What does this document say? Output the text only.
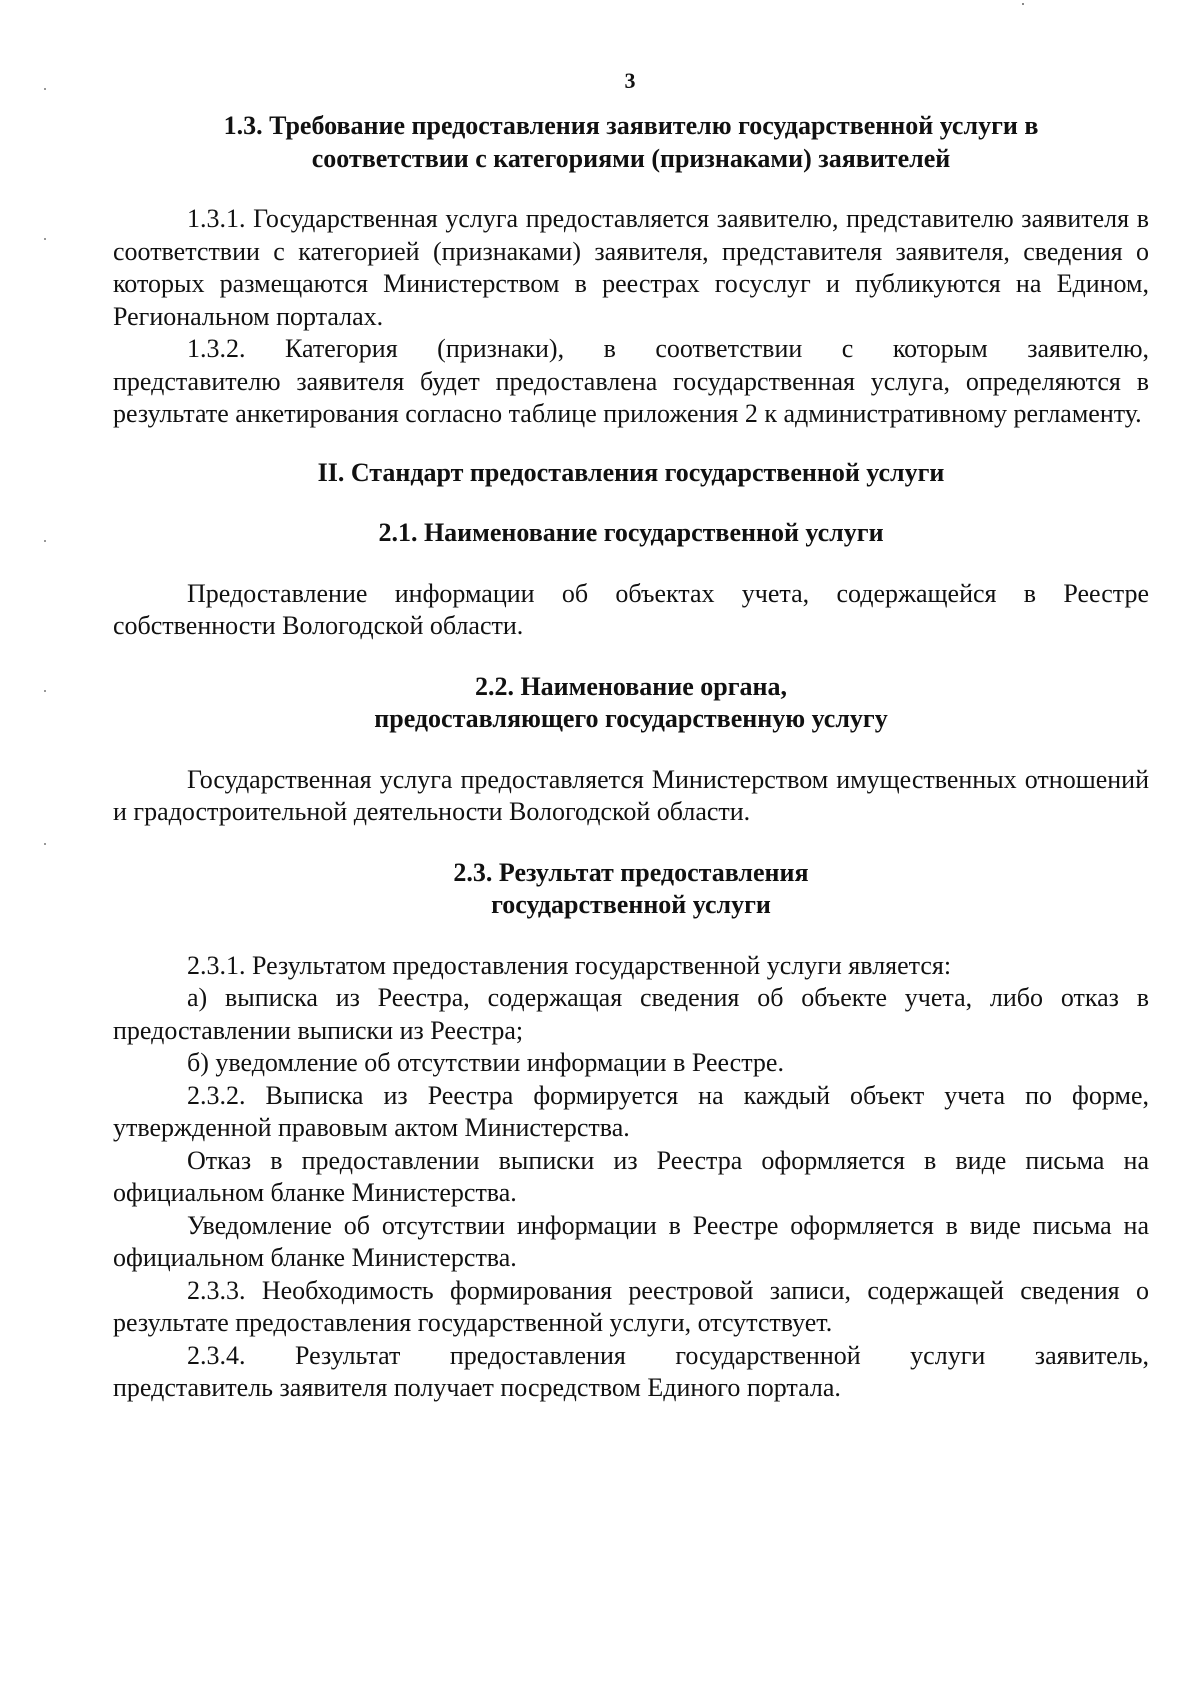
3
1.3. Требование предоставления заявителю государственной услуги в
соответствии с категориями (признаками) заявителей

1.3.1. Государственная услуга предоставляется заявителю, представителю заявителя в соответствии с категорией (признаками) заявителя, представителя заявителя, сведения о которых размещаются Министерством в реестрах госуслуг и публикуются на Едином, Региональном порталах.

1.3.2. Категория (признаки), в соответствии с которым заявителю,

представителю заявителя будет предоставлена государственная услуга, определяются в результате анкетирования согласно таблице приложения 2 к административному регламенту.

II. Стандарт предоставления государственной услуги
2.1. Наименование государственной услуги

Предоставление информации об объектах учета, содержащейся в Реестре собственности Вологодской области.

2.2. Наименование органа,
предоставляющего государственную услугу

Государственная услуга предоставляется Министерством имущественных отношений и градостроительной деятельности Вологодской области.

2.3. Результат предоставления
государственной услуги

2.3.1. Результатом предоставления государственной услуги является:

а) выписка из Реестра, содержащая сведения об объекте учета, либо отказ в предоставлении выписки из Реестра;

б) уведомление об отсутствии информации в Реестре.

2.3.2. Выписка из Реестра формируется на каждый объект учета по форме, утвержденной правовым актом Министерства.

Отказ в предоставлении выписки из Реестра оформляется в виде письма на официальном бланке Министерства.

Уведомление об отсутствии информации в Реестре оформляется в виде письма на официальном бланке Министерства.

2.3.3. Необходимость формирования реестровой записи, содержащей сведения о результате предоставления государственной услуги, отсутствует.

2.3.4. Результат предоставления государственной услуги заявитель,

представитель заявителя получает посредством Единого портала.
